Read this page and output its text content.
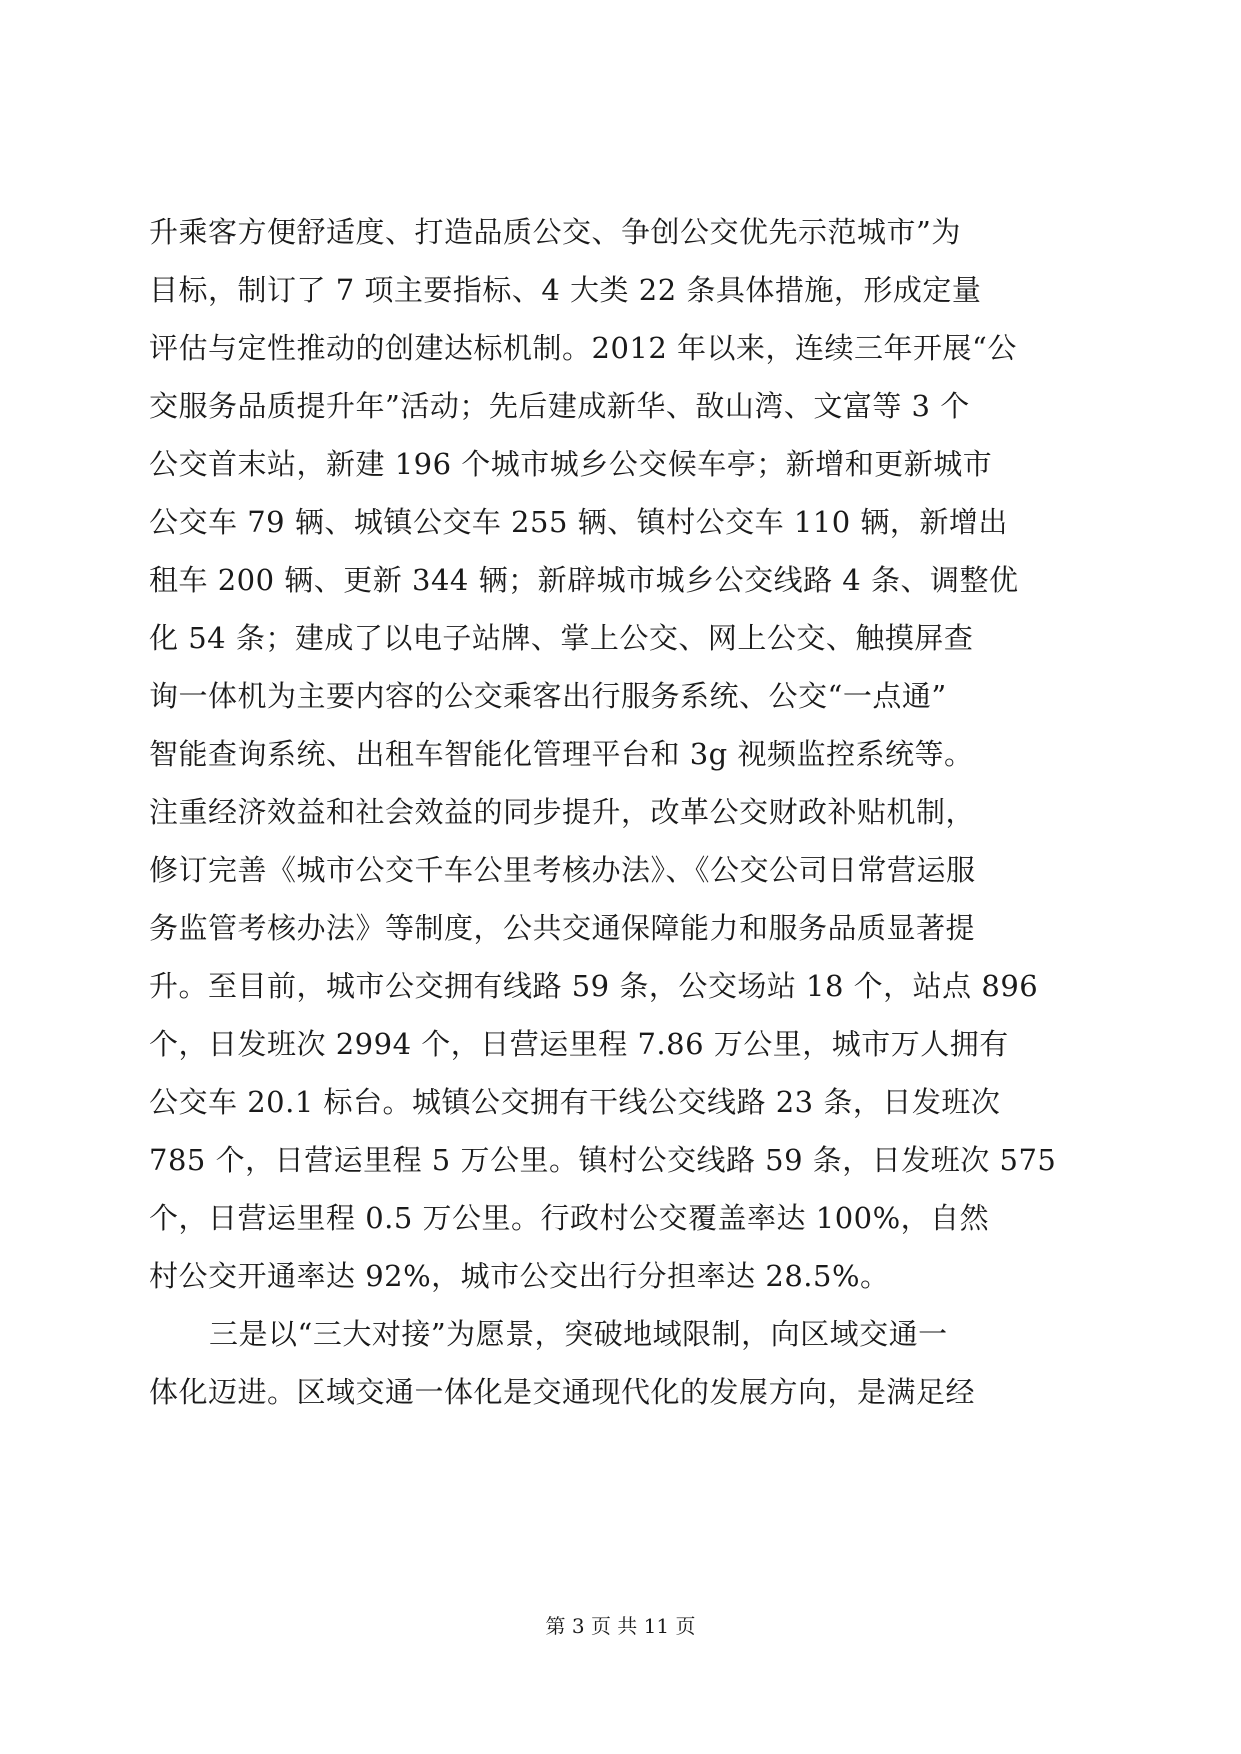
升乘客方便舒适度、打造品质公交、争创公交优先示范城市”为
目标，制订了 7 项主要指标、4 大类 22 条具体措施，形成定量
评估与定性推动的创建达标机制。2012 年以来，连续三年开展“公
交服务品质提升年”活动；先后建成新华、敔山湾、文富等 3 个
公交首末站，新建 196 个城市城乡公交候车亭；新增和更新城市
公交车 79 辆、城镇公交车 255 辆、镇村公交车 110 辆，新增出
租车 200 辆、更新 344 辆；新辟城市城乡公交线路 4 条、调整优
化 54 条；建成了以电子站牌、掌上公交、网上公交、触摸屏查
询一体机为主要内容的公交乘客出行服务系统、公交“一点通”
智能查询系统、出租车智能化管理平台和 3g 视频监控系统等。
注重经济效益和社会效益的同步提升，改革公交财政补贴机制，
修订完善《城市公交千车公里考核办法》、《公交公司日常营运服
务监管考核办法》等制度，公共交通保障能力和服务品质显著提
升。至目前，城市公交拥有线路 59 条，公交场站 18 个，站点 896
个，日发班次 2994 个，日营运里程 7.86 万公里，城市万人拥有
公交车 20.1 标台。城镇公交拥有干线公交线路 23 条，日发班次
785 个，日营运里程 5 万公里。镇村公交线路 59 条，日发班次 575
个，日营运里程 0.5 万公里。行政村公交覆盖率达 100%，自然
村公交开通率达 92%，城市公交出行分担率达 28.5%。
三是以“三大对接”为愿景，突破地域限制，向区域交通一
体化迈进。区域交通一体化是交通现代化的发展方向，是满足经
第 3 页 共 11 页
